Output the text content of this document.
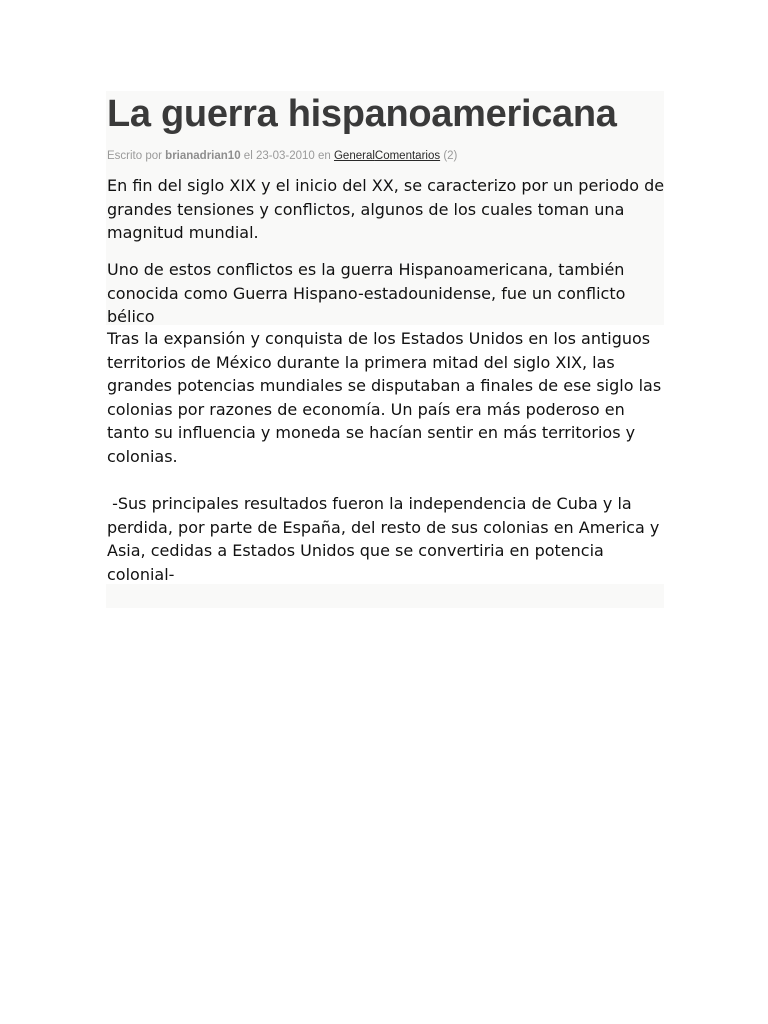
La guerra hispanoamericana
Escrito por brianadrian10 el 23-03-2010 en GeneralComentarios (2)

En fin del siglo XIX y el inicio del XX, se caracterizo por un periodo de grandes tensiones y conflictos, algunos de los cuales toman una magnitud mundial.

Uno de estos conflictos es la guerra Hispanoamericana, también conocida como Guerra Hispano-estadounidense, fue un conflicto bélico

Tras la expansión y conquista de los Estados Unidos en los antiguos territorios de México durante la primera mitad del siglo XIX, las grandes potencias mundiales se disputaban a finales de ese siglo las colonias por razones de economía. Un país era más poderoso en tanto su influencia y moneda se hacían sentir en más territorios y colonias.

-Sus principales resultados fueron la independencia de Cuba y la perdida, por parte de España, del resto de sus colonias en America y Asia, cedidas a Estados Unidos que se convertiria en potencia colonial-
